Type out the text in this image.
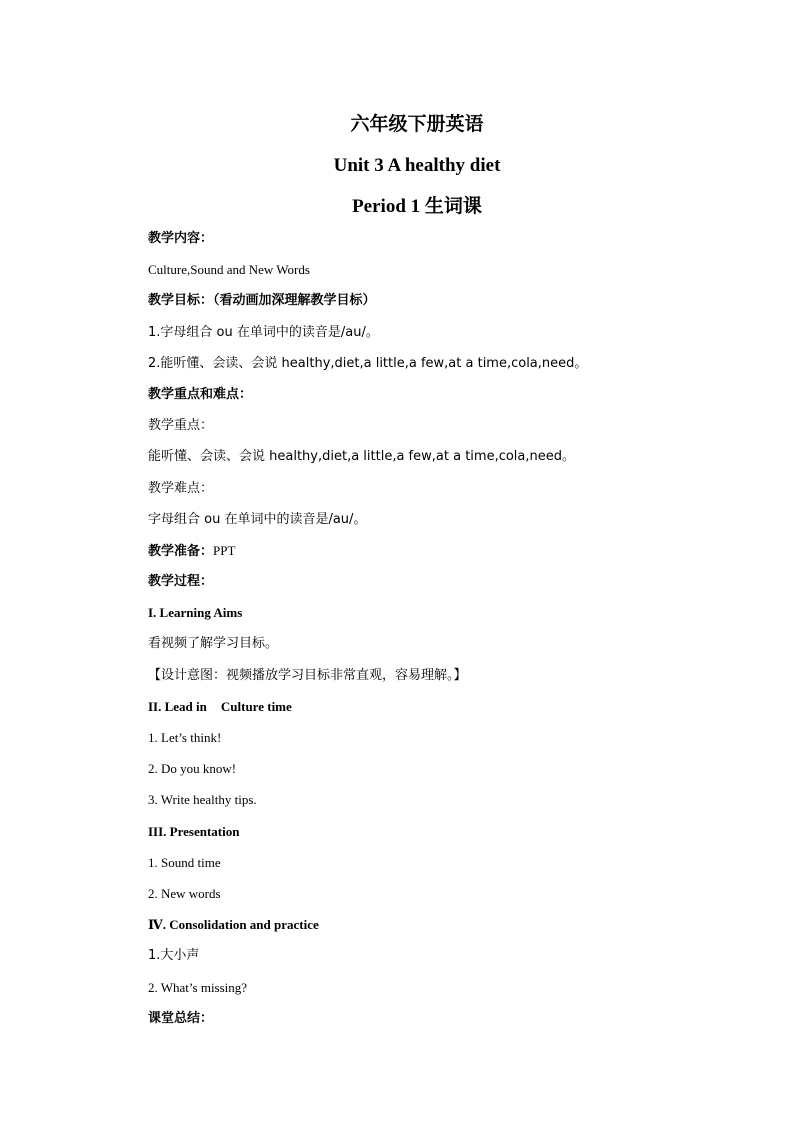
六年级下册英语
Unit 3 A healthy diet
Period 1 生词课
教学内容：
Culture,Sound and New Words
教学目标：（看动画加深理解教学目标）
1.字母组合 ou 在单词中的读音是/au/。
2.能听懂、会读、会说 healthy,diet,a little,a few,at a time,cola,need。
教学重点和难点：
教学重点：
能听懂、会读、会说 healthy,diet,a little,a few,at a time,cola,need。
教学难点：
字母组合 ou 在单词中的读音是/au/。
教学准备：PPT
教学过程：
I. Learning Aims
看视频了解学习目标。
【设计意图：视频播放学习目标非常直观，容易理解。】
II. Lead in Culture time
1. Let’s think!
2. Do you know!
3. Write healthy tips.
III. Presentation
1. Sound time
2. New words
Ⅳ. Consolidation and practice
1.大小声
2. What’s missing?
课堂总结：
